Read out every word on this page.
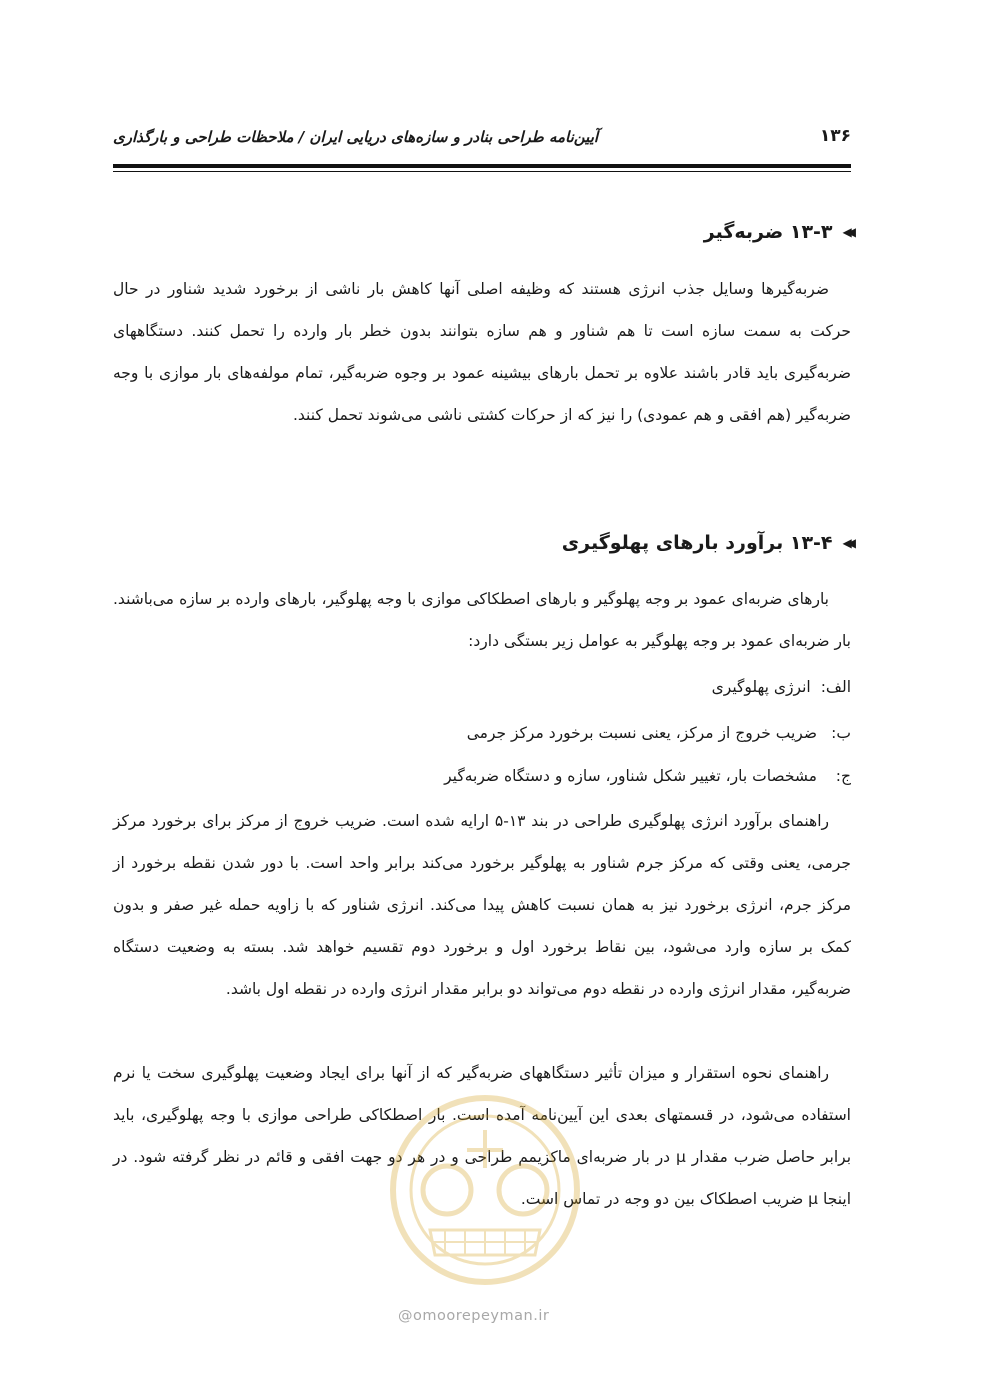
۱۳۶
آیین‌نامه طراحی بنادر و سازه‌های دریایی ایران / ملاحظات طراحی و بارگذاری
◀◀
۱۳-۳ ضربه‌گیر

ضربه‌گیرها وسایل جذب انرژی هستند که وظیفه اصلی آنها کاهش بار ناشی از برخورد شدید شناور در حال حرکت به سمت سازه است تا هم شناور و هم سازه بتوانند بدون خطر بار وارده را تحمل کنند. دستگاههای ضربه‌گیری باید قادر باشند علاوه بر تحمل بارهای بیشینه عمود بر وجوه ضربه‌گیر، تمام مولفه‌های بار موازی با وجه ضربه‌گیر (هم افقی و هم عمودی) را نیز که از حرکات کشتی ناشی می‌شوند تحمل کنند.

◀◀
۱۳-۴ برآورد بارهای پهلوگیری

بارهای ضربه‌ای عمود بر وجه پهلوگیر و بارهای اصطکاکی موازی با وجه پهلوگیر، بارهای وارده بر سازه می‌باشند. بار ضربه‌ای عمود بر وجه پهلوگیر به عوامل زیر بستگی دارد:

الف:
انرژی پهلوگیری
ب:
ضریب خروج از مرکز، یعنی نسبت برخورد مرکز جرمی
ج:
مشخصات بار، تغییر شکل شناور، سازه و دستگاه ضربه‌گیر

راهنمای برآورد انرژی پهلوگیری طراحی در بند ۱۳-۵ ارایه شده است. ضریب خروج از مرکز برای برخورد مرکز جرمی، یعنی وقتی که مرکز جرم شناور به پهلوگیر برخورد می‌کند برابر واحد است. با دور شدن نقطه برخورد از مرکز جرم، انرژی برخورد نیز به همان نسبت کاهش پیدا می‌کند. انرژی شناور که با زاویه حمله غیر صفر و بدون کمک بر سازه وارد می‌شود، بین نقاط برخورد اول و برخورد دوم تقسیم خواهد شد. بسته به وضعیت دستگاه ضربه‌گیر، مقدار انرژی وارده در نقطه دوم می‌تواند دو برابر مقدار انرژی وارده در نقطه اول باشد.

راهنمای نحوه استقرار و میزان تأثیر دستگاههای ضربه‌گیر که از آنها برای ایجاد وضعیت پهلوگیری سخت یا نرم استفاده می‌شود، در قسمتهای بعدی این آیین‌نامه آمده است. بار اصطکاکی طراحی موازی با وجه پهلوگیری، باید برابر حاصل ضرب مقدار μ در بار ضربه‌ای ماکزیمم طراحی و در هر دو جهت افقی و قائم در نظر گرفته شود. در اینجا μ ضریب اصطکاک بین دو وجه در تماس است.

@omoorepeyman.ir
